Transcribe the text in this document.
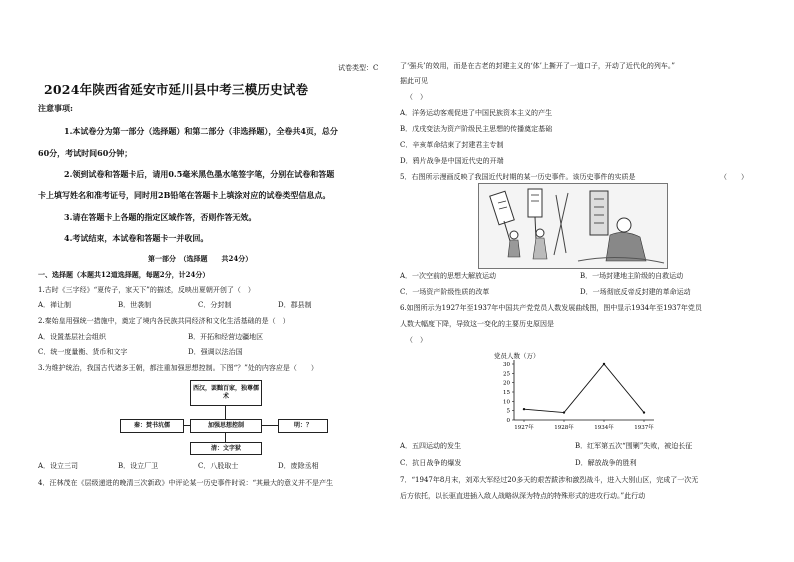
试卷类型：C
2024年陕西省延安市延川县中考三模历史试卷
注意事项:
1.本试卷分为第一部分（选择题）和第二部分（非选择题），全卷共4页，总分
60分，考试时间60分钟；
2.领到试卷和答题卡后，请用0.5毫米黑色墨水笔签字笔，分别在试卷和答题
卡上填写姓名和准考证号，同时用2B铅笔在答题卡上填涂对应的试卷类型信息点。
3.请在答题卡上各题的指定区域作答，否则作答无效。
4.考试结束，本试卷和答题卡一并收回。
第一部分　（选择题　　共24分）
一、选择题（本题共12道选择题，每题2分，计24分）
1.古时《三字经》“夏传子，家天下”的描述，反映出夏朝开创了（　）
A．禅让制	B．世袭制	C．分封制	D．郡县制
2.秦始皇用强统一措施中，奠定了境内各民族共同经济和文化生活基础的是（　）
A．设置基层社会组织	B．开拓和经营边疆地区
C．统一度量衡、货币和文字	D．强调以法治国
3.为维护统治，我国古代诸多王朝，都注重加强思想控制。下图“？”处的内容应是（　　）
西汉，罢黜百家，独尊儒术
加强思想控制
秦：焚书坑儒	明：？
清：文字狱
A．设立三司	B．设立厂卫	C．八股取士	D．废除丞相
4．汪林茂在《层级递进的晚清三次新政》中评论某一历史事件时说：“其最大的意义并不是产生
了‘强兵’的效用，而是在古老的封建主义的‘体’上撕开了一道口子，开动了近代化的列车。”
据此可见
（　）
A．洋务运动客观促进了中国民族资本主义的产生
B．戊戌变法为资产阶级民主思想的传播奠定基础
C．辛亥革命结束了封建君主专制
D．鸦片战争是中国近代史的开端
5．右图所示漫画反映了我国近代时期的某一历史事件。该历史事件的实质是	（　　）
A．一次空前的思想大解放运动	B．一场封建地主阶级的自救运动
C．一场资产阶级性质的改革	D．一场彻底反帝反封建的革命运动
6.如图所示为1927年至1937年中国共产党党员人数发展曲线图，图中显示1934年至1937年党员
人数大幅度下降，导致这一变化的主要历史原因是
（　）
党员人数（万）
0
5
10
15
20
25
30
1927年	1928年	1934年	1937年
A．五四运动的发生	B．红军第五次“围剿”失败，被迫长征
C．抗日战争的爆发	D．解放战争的胜利
7．“1947年8月末，刘邓大军经过20多天的艰苦跋涉和激烈战斗，进入大别山区，完成了一次无
后方依托，以长驱直进插入敌人战略纵深为特点的特殊形式的进攻行动。”此行动
